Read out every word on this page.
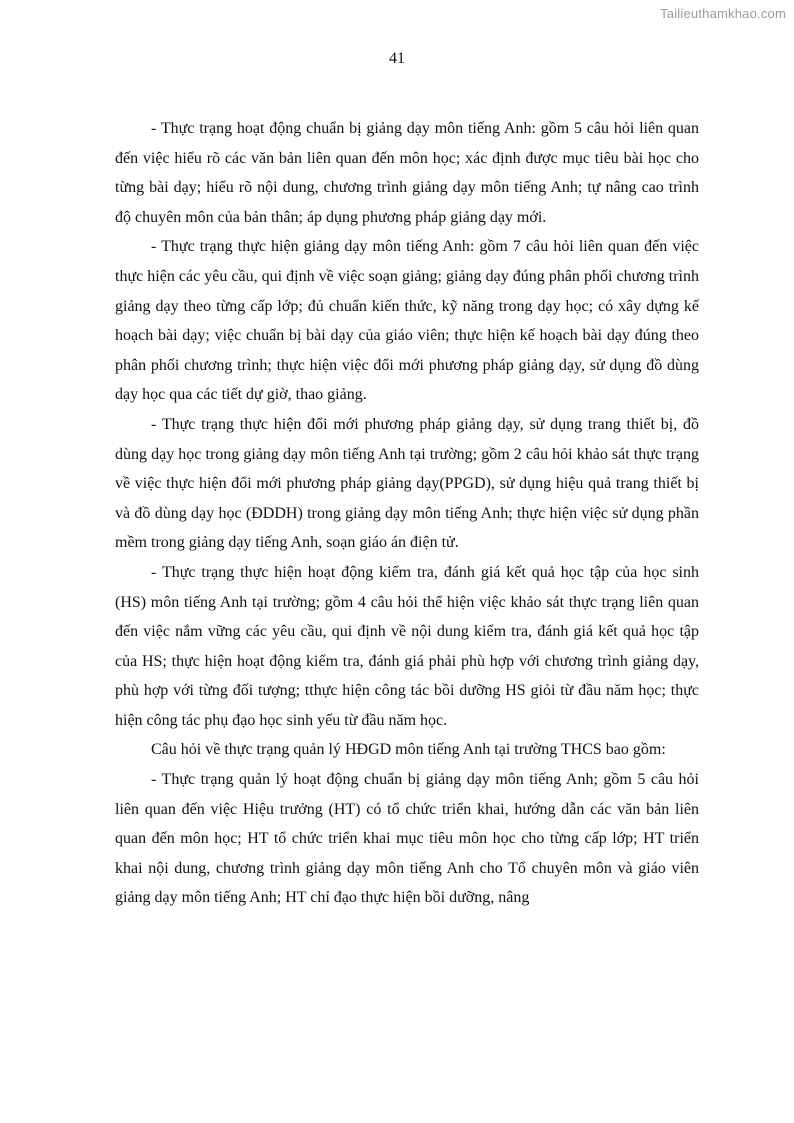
Tailieuthamkhao.com
41

- Thực trạng hoạt động chuẩn bị giảng dạy môn tiếng Anh: gồm 5 câu hỏi liên quan đến việc hiểu rõ các văn bản liên quan đến môn học; xác định được mục tiêu bài học cho từng bài dạy; hiểu rõ nội dung, chương trình giảng dạy môn tiếng Anh; tự nâng cao trình độ chuyên môn của bản thân; áp dụng phương pháp giảng dạy mới.

- Thực trạng thực hiện giảng dạy môn tiếng Anh: gồm 7 câu hỏi liên quan đến việc thực hiện các yêu cầu, qui định về việc soạn giảng; giảng dạy đúng phân phối chương trình giảng dạy theo từng cấp lớp; đủ chuẩn kiến thức, kỹ năng trong dạy học; có xây dựng kế hoạch bài dạy; việc chuẩn bị bài dạy của giáo viên; thực hiện kế hoạch bài dạy đúng theo phân phối chương trình; thực hiện việc đổi mới phương pháp giảng dạy, sử dụng đồ dùng dạy học qua các tiết dự giờ, thao giảng.

- Thực trạng thực hiện đổi mới phương pháp giảng dạy, sử dụng trang thiết bị, đồ dùng dạy học trong giảng dạy môn tiếng Anh tại trường; gồm 2 câu hỏi khảo sát thực trạng về việc thực hiện đổi mới phương pháp giảng dạy(PPGD), sử dụng hiệu quả trang thiết bị và đồ dùng dạy học (ĐDDH) trong giảng dạy môn tiếng Anh; thực hiện việc sử dụng phần mềm trong giảng dạy tiếng Anh, soạn giáo án điện tử.

- Thực trạng thực hiện hoạt động kiểm tra, đánh giá kết quả học tập của học sinh (HS) môn tiếng Anh tại trường; gồm 4 câu hỏi thể hiện việc khảo sát thực trạng liên quan đến việc nắm vững các yêu cầu, qui định về nội dung kiểm tra, đánh giá kết quả học tập của HS; thực hiện hoạt động kiểm tra, đánh giá phải phù hợp với chương trình giảng dạy, phù hợp với từng đối tượng; tthực hiện công tác bồi dưỡng HS giỏi từ đầu năm học; thực hiện công tác phụ đạo học sinh yếu từ đầu năm học.

Câu hỏi về thực trạng quản lý HĐGD môn tiếng Anh tại trường THCS bao gồm:

- Thực trạng quản lý hoạt động chuẩn bị giảng dạy môn tiếng Anh; gồm 5 câu hỏi liên quan đến việc Hiệu trưởng (HT) có tổ chức triển khai, hướng dẫn các văn bản liên quan đến môn học; HT tổ chức triển khai mục tiêu môn học cho từng cấp lớp; HT triển khai nội dung, chương trình giảng dạy môn tiếng Anh cho Tổ chuyên môn và giáo viên giảng dạy môn tiếng Anh; HT chỉ đạo thực hiện bồi dưỡng, nâng
